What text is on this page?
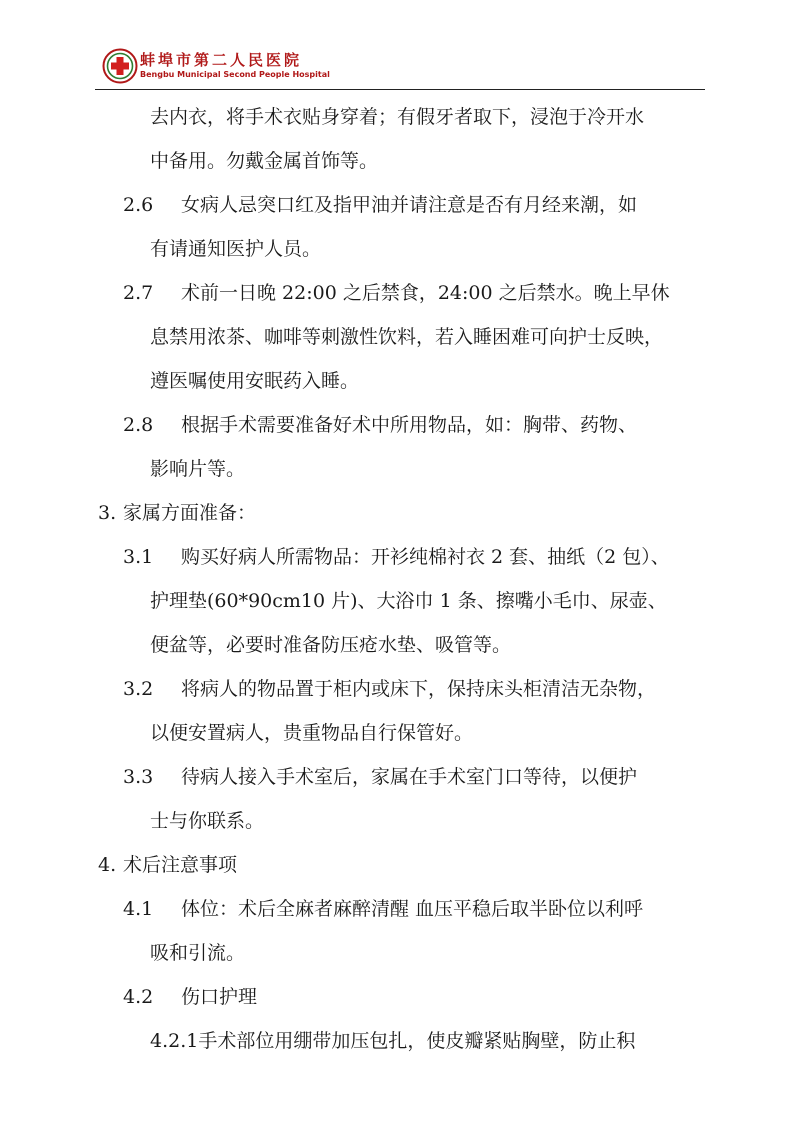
蚌埠市第二人民医院
Bengbu Municipal Second People Hospital
去内衣，将手术衣贴身穿着；有假牙者取下，浸泡于冷开水
中备用。勿戴金属首饰等。
2.6 女病人忌突口红及指甲油并请注意是否有月经来潮，如
有请通知医护人员。
2.7 术前一日晚 22:00 之后禁食，24:00 之后禁水。晚上早休
息禁用浓茶、咖啡等刺激性饮料，若入睡困难可向护士反映，
遵医嘱使用安眠药入睡。
2.8 根据手术需要准备好术中所用物品，如：胸带、药物、
影响片等。
3. 家属方面准备：
3.1 购买好病人所需物品：开衫纯棉衬衣 2 套、抽纸（2 包）、
护理垫(60*90cm10 片)、大浴巾 1 条、擦嘴小毛巾、尿壶、
便盆等，必要时准备防压疮水垫、吸管等。
3.2 将病人的物品置于柜内或床下，保持床头柜清洁无杂物，
以便安置病人，贵重物品自行保管好。
3.3 待病人接入手术室后，家属在手术室门口等待，以便护
士与你联系。
4. 术后注意事项
4.1 体位：术后全麻者麻醉清醒 血压平稳后取半卧位以利呼
吸和引流。
4.2 伤口护理
4.2.1手术部位用绷带加压包扎，使皮瓣紧贴胸壁，防止积
